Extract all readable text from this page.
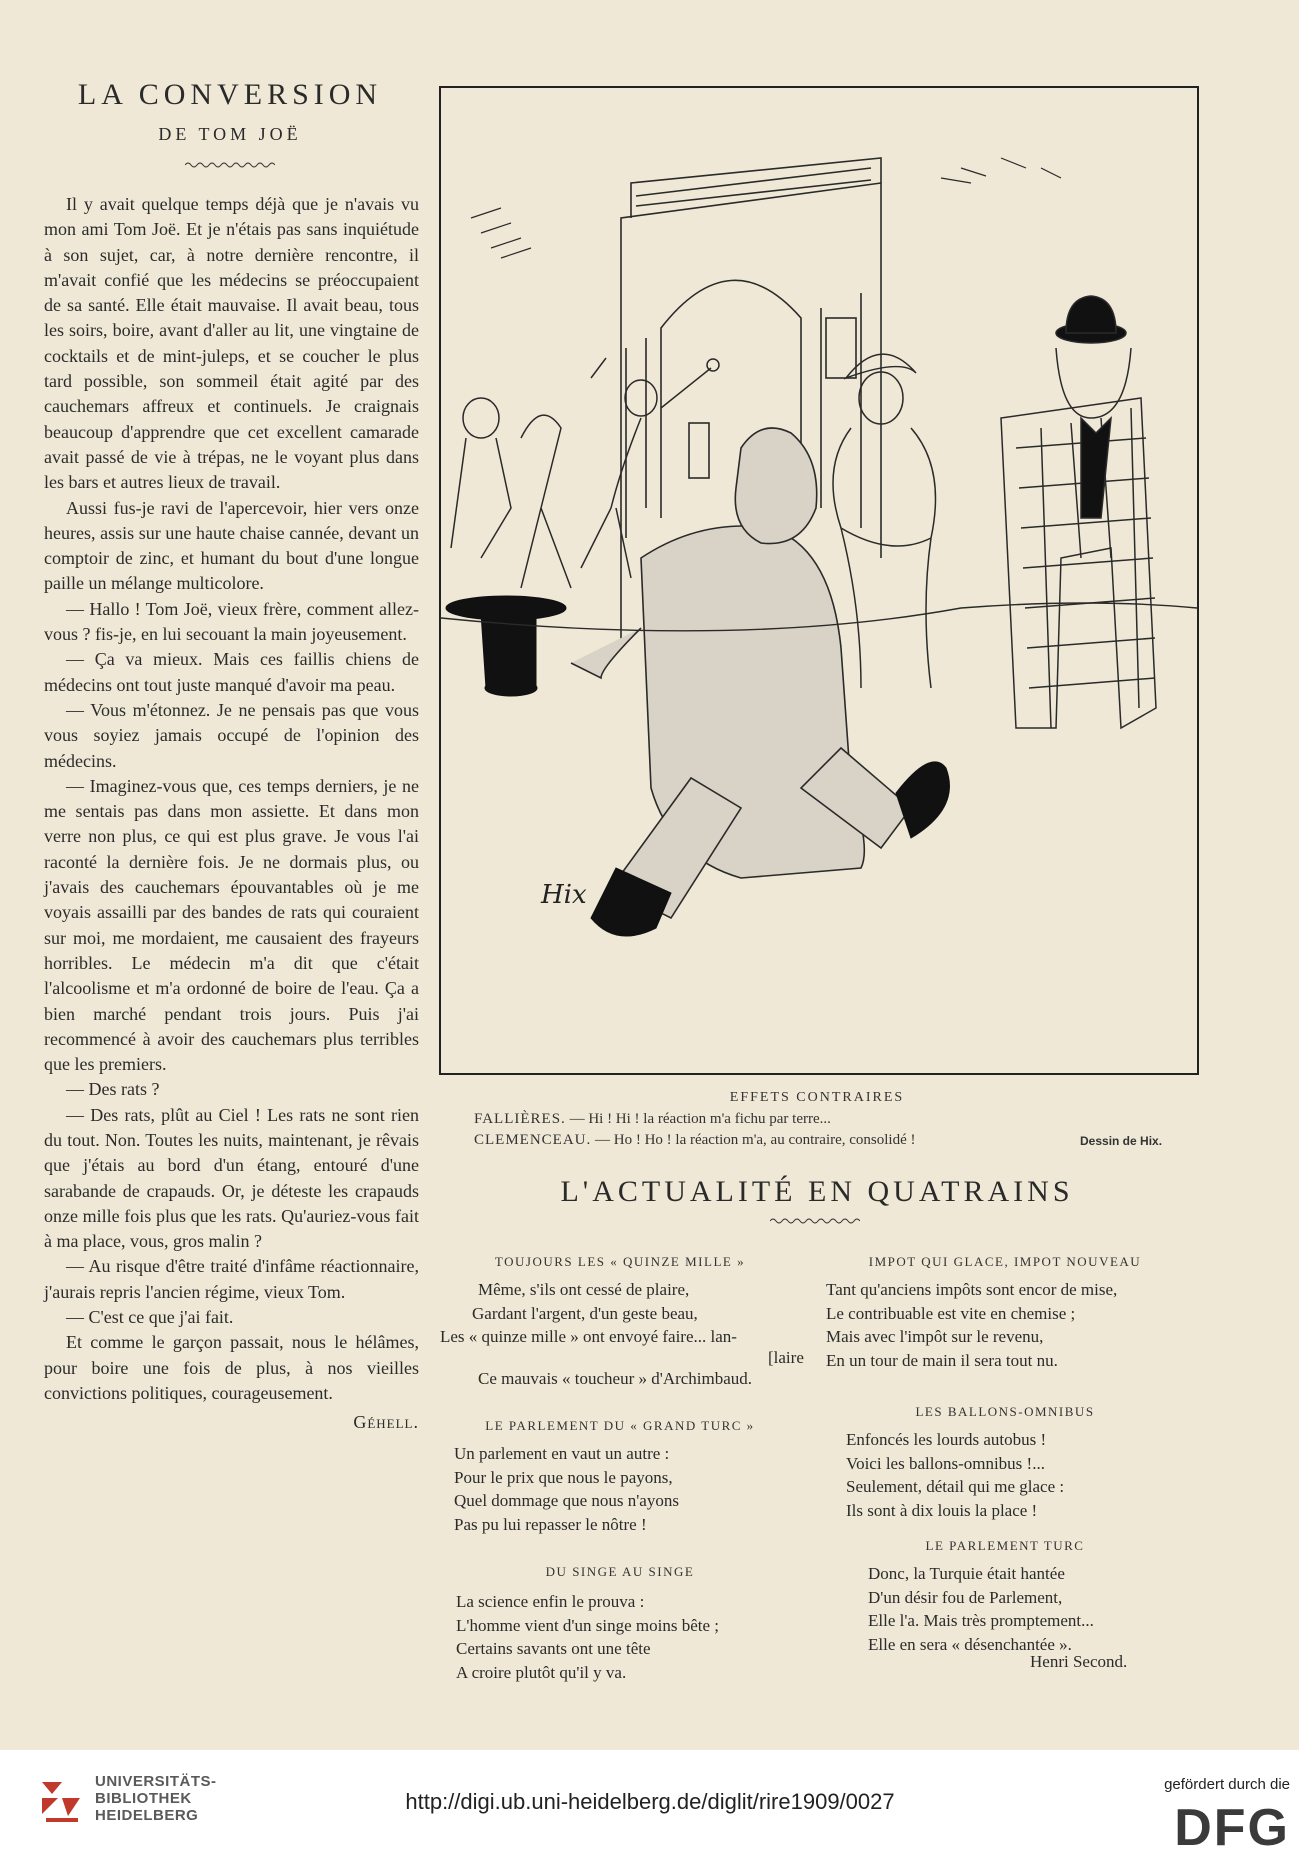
LA CONVERSION
DE TOM JOË

Il y avait quelque temps déjà que je n'avais vu mon ami Tom Joë. Et je n'étais pas sans inquiétude à son sujet, car, à notre dernière rencontre, il m'avait confié que les médecins se préoccupaient de sa santé. Elle était mauvaise. Il avait beau, tous les soirs, boire, avant d'aller au lit, une vingtaine de cocktails et de mint-juleps, et se coucher le plus tard possible, son sommeil était agité par des cauchemars affreux et continuels. Je craignais beaucoup d'apprendre que cet excellent camarade avait passé de vie à trépas, ne le voyant plus dans les bars et autres lieux de travail.

Aussi fus-je ravi de l'apercevoir, hier vers onze heures, assis sur une haute chaise cannée, devant un comptoir de zinc, et humant du bout d'une longue paille un mélange multicolore.

— Hallo ! Tom Joë, vieux frère, comment allez-vous ? fis-je, en lui secouant la main joyeusement.

— Ça va mieux. Mais ces faillis chiens de médecins ont tout juste manqué d'avoir ma peau.

— Vous m'étonnez. Je ne pensais pas que vous vous soyiez jamais occupé de l'opinion des médecins.

— Imaginez-vous que, ces temps derniers, je ne me sentais pas dans mon assiette. Et dans mon verre non plus, ce qui est plus grave. Je vous l'ai raconté la dernière fois. Je ne dormais plus, ou j'avais des cauchemars épouvantables où je me voyais assailli par des bandes de rats qui couraient sur moi, me mordaient, me causaient des frayeurs horribles. Le médecin m'a dit que c'était l'alcoolisme et m'a ordonné de boire de l'eau. Ça a bien marché pendant trois jours. Puis j'ai recommencé à avoir des cauchemars plus terribles que les premiers.

— Des rats ?

— Des rats, plût au Ciel ! Les rats ne sont rien du tout. Non. Toutes les nuits, maintenant, je rêvais que j'étais au bord d'un étang, entouré d'une sarabande de crapauds. Or, je déteste les crapauds onze mille fois plus que les rats. Qu'auriez-vous fait à ma place, vous, gros malin ?

— Au risque d'être traité d'infâme réactionnaire, j'aurais repris l'ancien régime, vieux Tom.

— C'est ce que j'ai fait.

Et comme le garçon passait, nous le hélâmes, pour boire une fois de plus, à nos vieilles convictions politiques, courageusement.

Géhell.

Hix
EFFETS CONTRAIRES
FALLIÈRES. — Hi ! Hi ! la réaction m'a fichu par terre...
CLEMENCEAU. — Ho ! Ho ! la réaction m'a, au contraire, consolidé !	Dessin de Hix.
L'ACTUALITÉ EN QUATRAINS
TOUJOURS LES « QUINZE MILLE »
Même, s'ils ont cessé de plaire,
Gardant l'argent, d'un geste beau,
Les « quinze mille » ont envoyé faire... lan-
[laire
Ce mauvais « toucheur » d'Archimbaud.
LE PARLEMENT DU « GRAND TURC »
Un parlement en vaut un autre :
Pour le prix que nous le payons,
Quel dommage que nous n'ayons
Pas pu lui repasser le nôtre !
DU SINGE AU SINGE
La science enfin le prouva :
L'homme vient d'un singe moins bête ;
Certains savants ont une tête
A croire plutôt qu'il y va.
IMPOT QUI GLACE, IMPOT NOUVEAU
Tant qu'anciens impôts sont encor de mise,
Le contribuable est vite en chemise ;
Mais avec l'impôt sur le revenu,
En un tour de main il sera tout nu.
LES BALLONS-OMNIBUS
Enfoncés les lourds autobus !
Voici les ballons-omnibus !...
Seulement, détail qui me glace :
Ils sont à dix louis la place !
LE PARLEMENT TURC
Donc, la Turquie était hantée
D'un désir fou de Parlement,
Elle l'a. Mais très promptement...
Elle en sera « désenchantée ».
Henri Second.
UNIVERSITÄTS-
BIBLIOTHEK
HEIDELBERG
http://digi.ub.uni-heidelberg.de/diglit/rire1909/0027
gefördert durch die
DFG
